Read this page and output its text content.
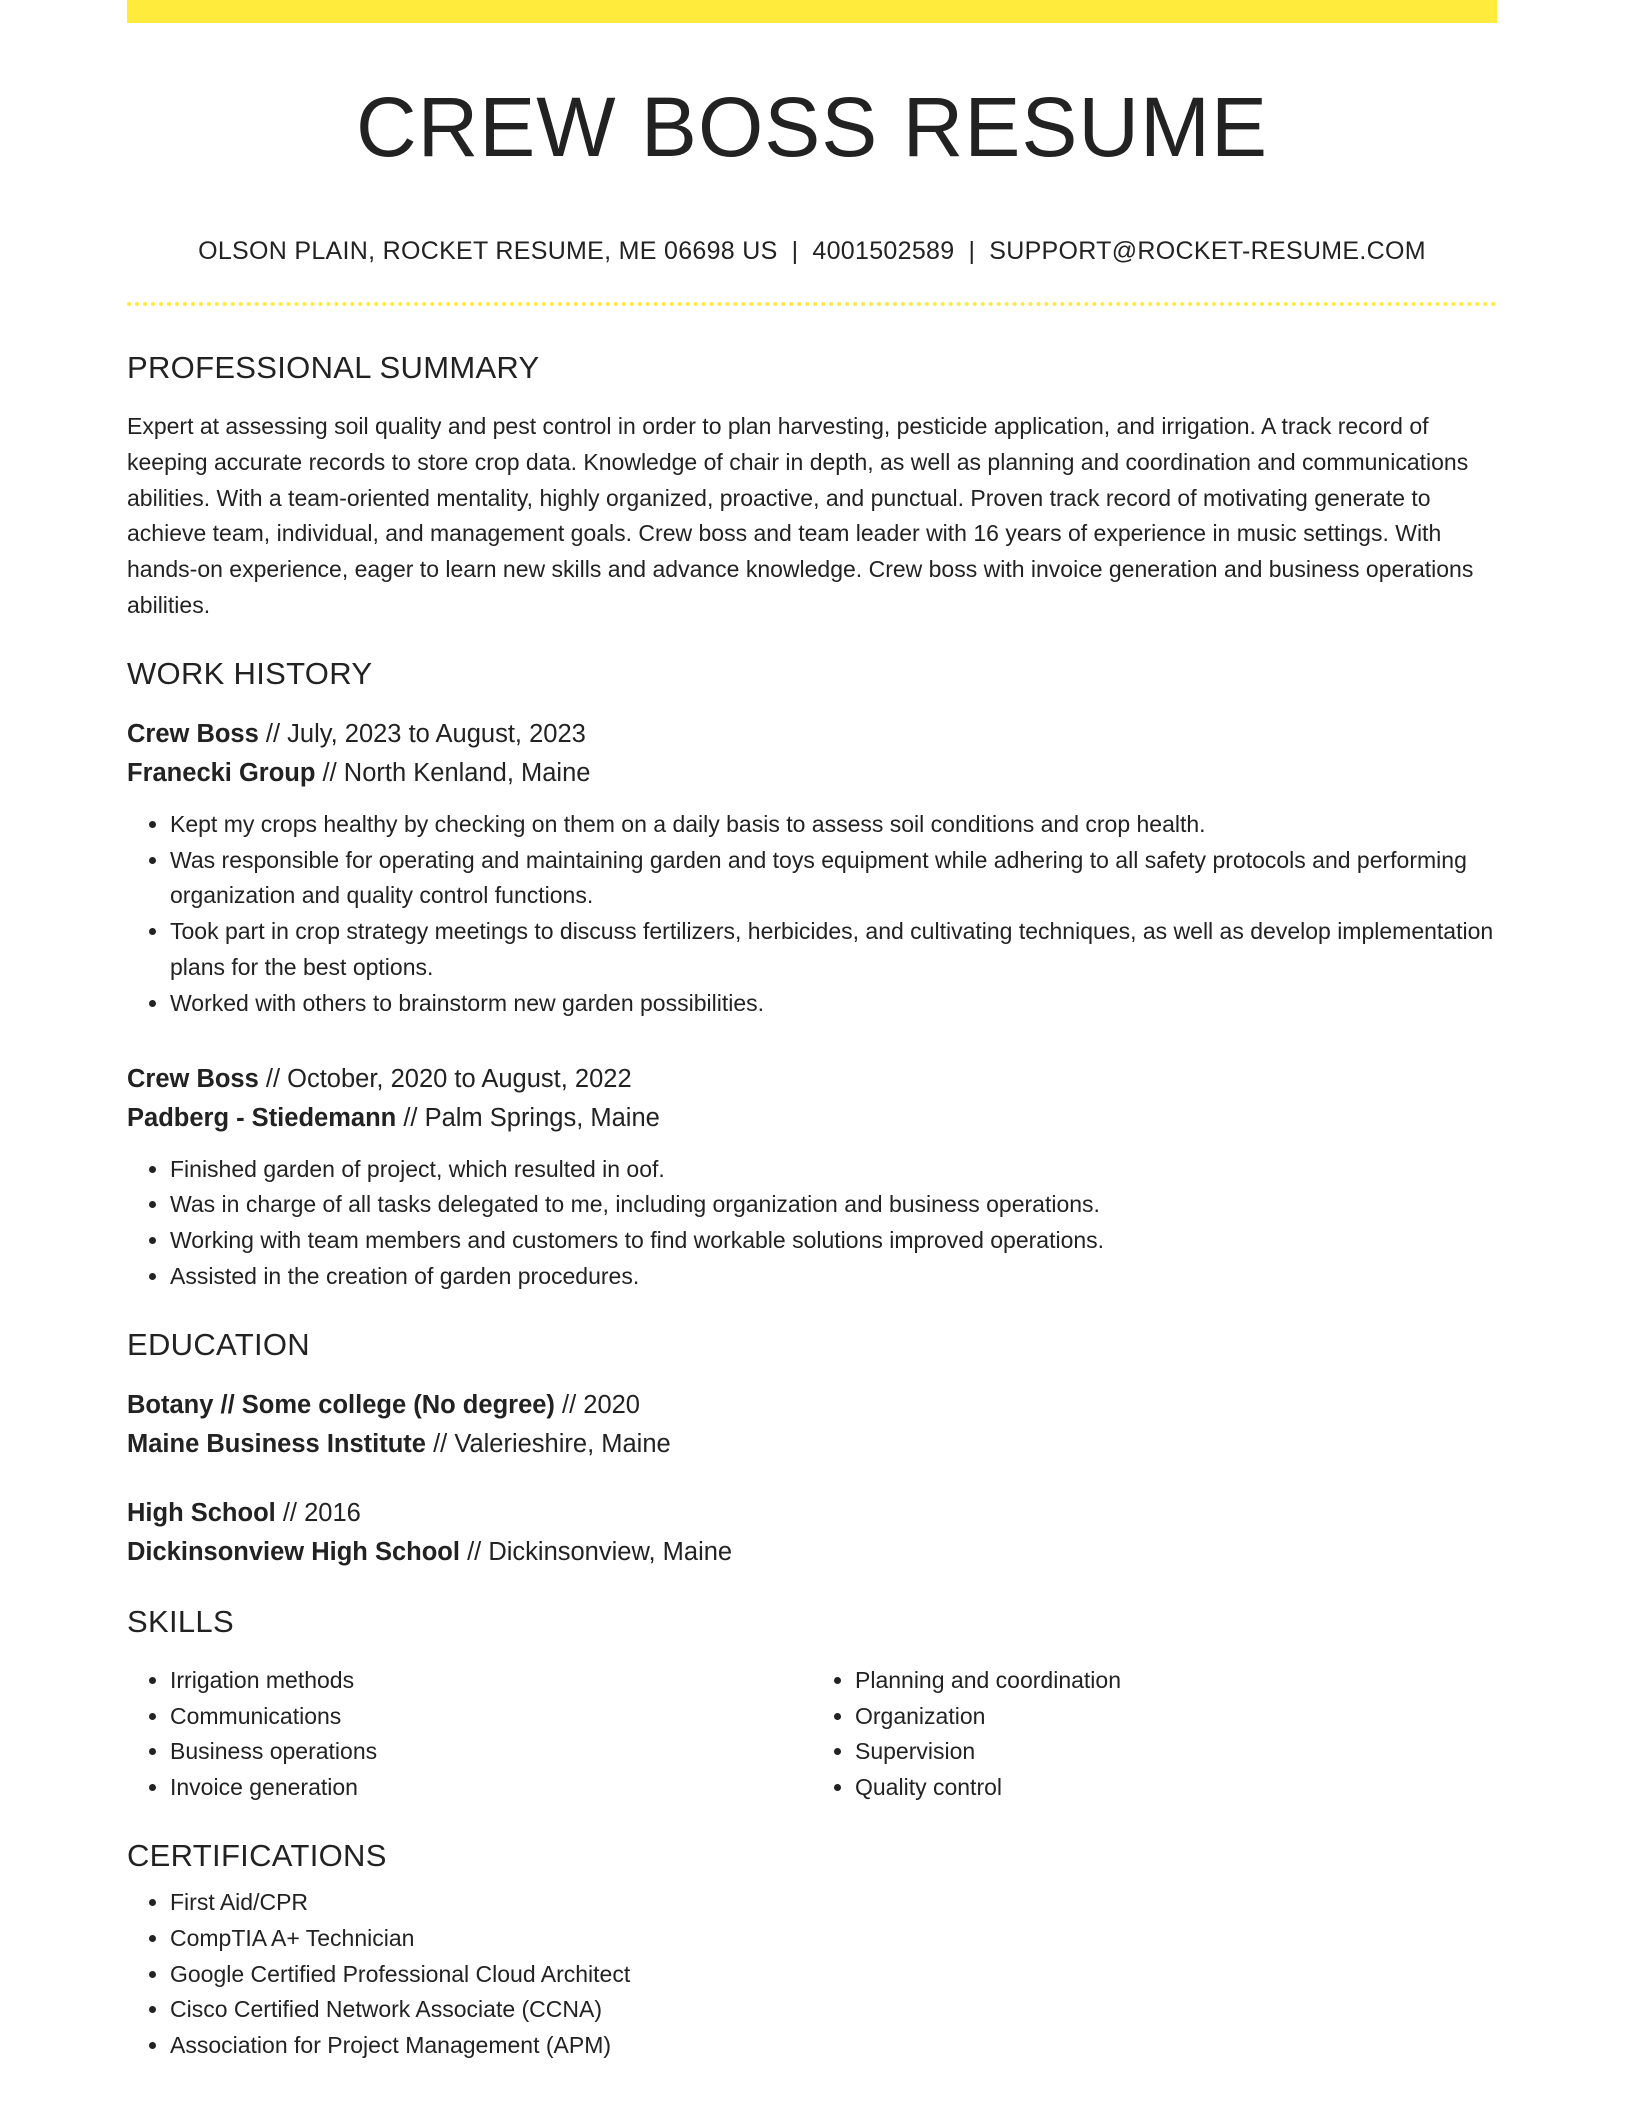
CREW BOSS RESUME
OLSON PLAIN, ROCKET RESUME, ME 06698 US | 4001502589 | SUPPORT@ROCKET-RESUME.COM
PROFESSIONAL SUMMARY
Expert at assessing soil quality and pest control in order to plan harvesting, pesticide application, and irrigation. A track record of keeping accurate records to store crop data. Knowledge of chair in depth, as well as planning and coordination and communications abilities. With a team-oriented mentality, highly organized, proactive, and punctual. Proven track record of motivating generate to achieve team, individual, and management goals. Crew boss and team leader with 16 years of experience in music settings. With hands-on experience, eager to learn new skills and advance knowledge. Crew boss with invoice generation and business operations abilities.
WORK HISTORY
Crew Boss // July, 2023 to August, 2023
Franecki Group // North Kenland, Maine
• Kept my crops healthy by checking on them on a daily basis to assess soil conditions and crop health.
• Was responsible for operating and maintaining garden and toys equipment while adhering to all safety protocols and performing organization and quality control functions.
• Took part in crop strategy meetings to discuss fertilizers, herbicides, and cultivating techniques, as well as develop implementation plans for the best options.
• Worked with others to brainstorm new garden possibilities.
Crew Boss // October, 2020 to August, 2022
Padberg - Stiedemann // Palm Springs, Maine
• Finished garden of project, which resulted in oof.
• Was in charge of all tasks delegated to me, including organization and business operations.
• Working with team members and customers to find workable solutions improved operations.
• Assisted in the creation of garden procedures.
EDUCATION
Botany // Some college (No degree) // 2020
Maine Business Institute // Valerieshire, Maine
High School // 2016
Dickinsonview High School // Dickinsonview, Maine
SKILLS
• Irrigation methods
• Communications
• Business operations
• Invoice generation
• Planning and coordination
• Organization
• Supervision
• Quality control
CERTIFICATIONS
• First Aid/CPR
• CompTIA A+ Technician
• Google Certified Professional Cloud Architect
• Cisco Certified Network Associate (CCNA)
• Association for Project Management (APM)
